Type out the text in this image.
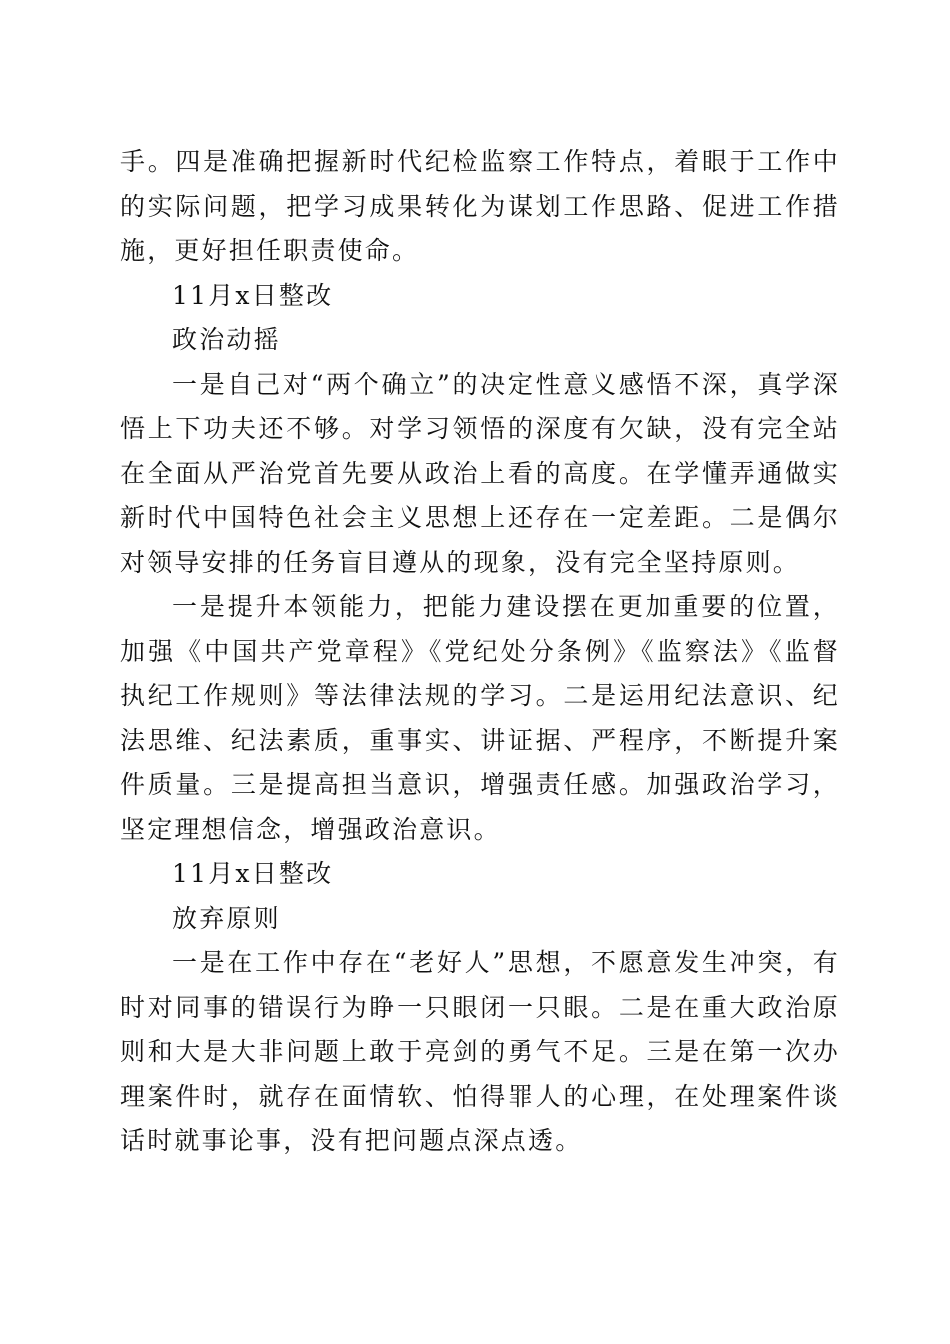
手。四是准确把握新时代纪检监察工作特点，着眼于工作中的实际问题，把学习成果转化为谋划工作思路、促进工作措施，更好担任职责使命。

11月x日整改

政治动摇

一是自己对“两个确立”的决定性意义感悟不深，真学深悟上下功夫还不够。对学习领悟的深度有欠缺，没有完全站在全面从严治党首先要从政治上看的高度。在学懂弄通做实新时代中国特色社会主义思想上还存在一定差距。二是偶尔对领导安排的任务盲目遵从的现象，没有完全坚持原则。

一是提升本领能力，把能力建设摆在更加重要的位置，加强《中国共产党章程》《党纪处分条例》《监察法》《监督执纪工作规则》等法律法规的学习。二是运用纪法意识、纪法思维、纪法素质，重事实、讲证据、严程序，不断提升案件质量。三是提高担当意识，增强责任感。加强政治学习，坚定理想信念，增强政治意识。

11月x日整改

放弃原则

一是在工作中存在“老好人”思想，不愿意发生冲突，有时对同事的错误行为睁一只眼闭一只眼。二是在重大政治原则和大是大非问题上敢于亮剑的勇气不足。三是在第一次办理案件时，就存在面情软、怕得罪人的心理，在处理案件谈话时就事论事，没有把问题点深点透。
